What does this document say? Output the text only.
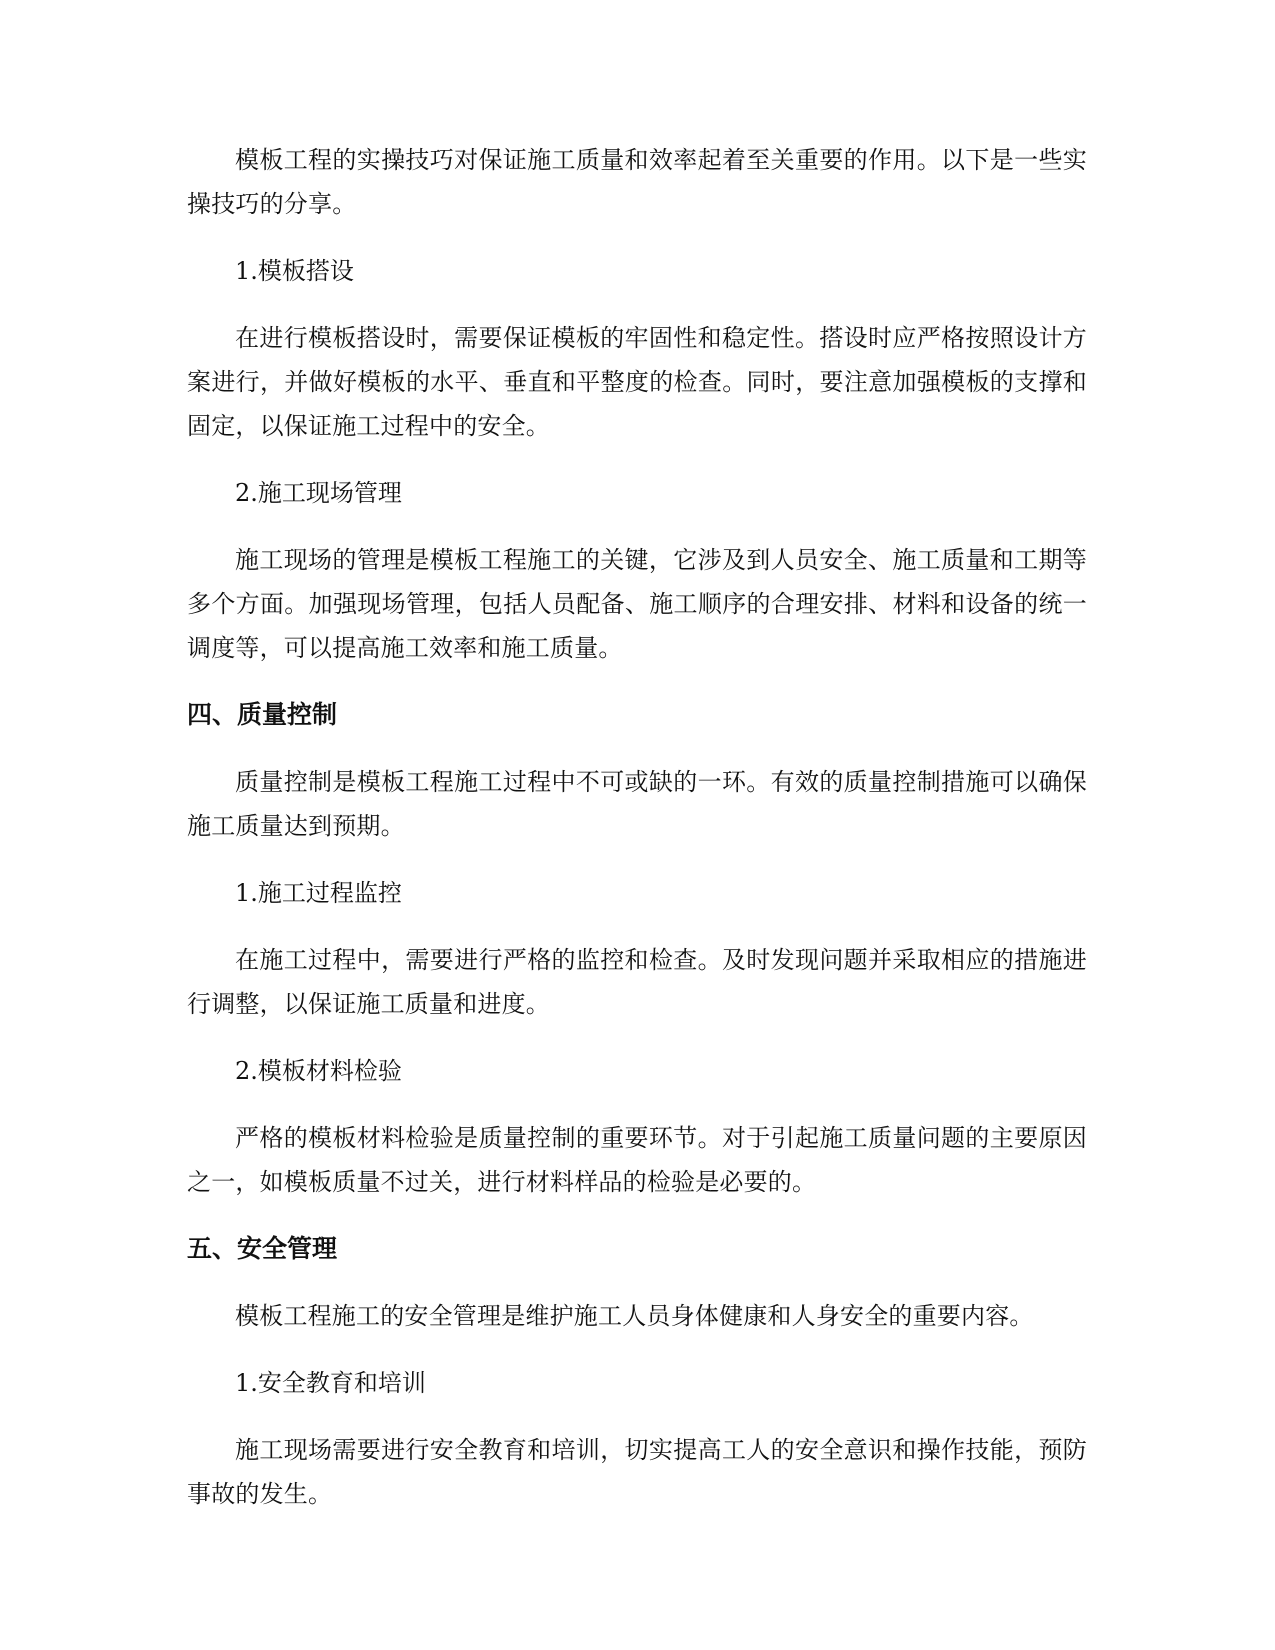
模板工程的实操技巧对保证施工质量和效率起着至关重要的作用。以下是一些实操技巧的分享。

1.模板搭设

在进行模板搭设时，需要保证模板的牢固性和稳定性。搭设时应严格按照设计方案进行，并做好模板的水平、垂直和平整度的检查。同时，要注意加强模板的支撑和固定，以保证施工过程中的安全。

2.施工现场管理

施工现场的管理是模板工程施工的关键，它涉及到人员安全、施工质量和工期等多个方面。加强现场管理，包括人员配备、施工顺序的合理安排、材料和设备的统一调度等，可以提高施工效率和施工质量。

四、质量控制

质量控制是模板工程施工过程中不可或缺的一环。有效的质量控制措施可以确保施工质量达到预期。

1.施工过程监控

在施工过程中，需要进行严格的监控和检查。及时发现问题并采取相应的措施进行调整，以保证施工质量和进度。

2.模板材料检验

严格的模板材料检验是质量控制的重要环节。对于引起施工质量问题的主要原因之一，如模板质量不过关，进行材料样品的检验是必要的。

五、安全管理

模板工程施工的安全管理是维护施工人员身体健康和人身安全的重要内容。

1.安全教育和培训

施工现场需要进行安全教育和培训，切实提高工人的安全意识和操作技能，预防事故的发生。
